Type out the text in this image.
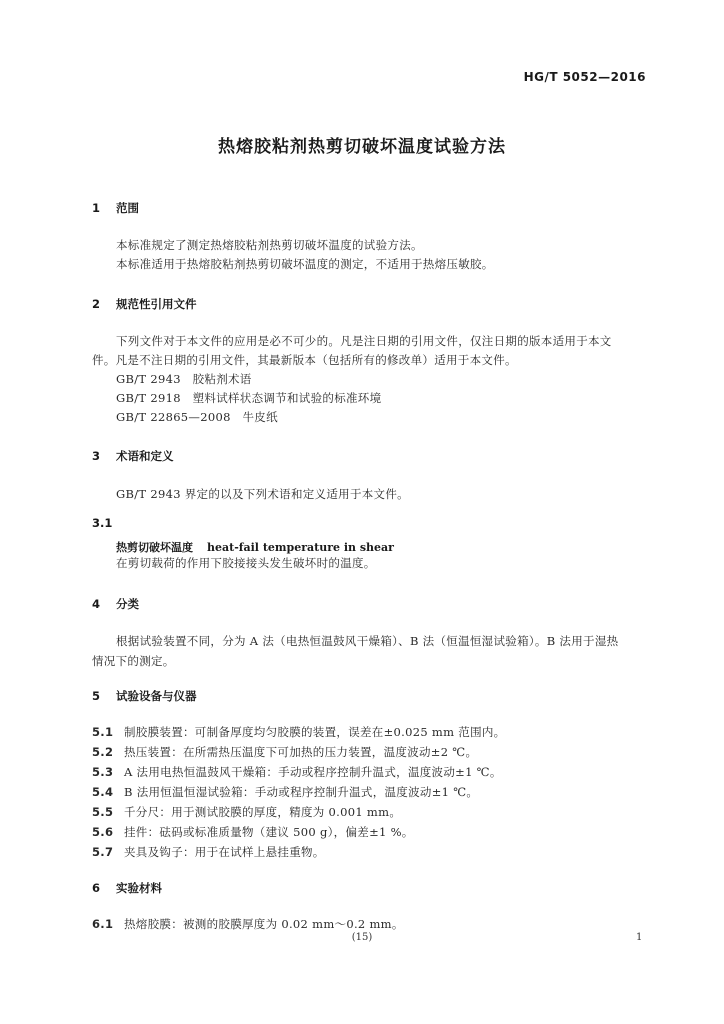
HG/T 5052—2016
热熔胶粘剂热剪切破坏温度试验方法
1 范围
本标准规定了测定热熔胶粘剂热剪切破坏温度的试验方法。
本标准适用于热熔胶粘剂热剪切破坏温度的测定，不适用于热熔压敏胶。
2 规范性引用文件
下列文件对于本文件的应用是必不可少的。凡是注日期的引用文件，仅注日期的版本适用于本文
件。凡是不注日期的引用文件，其最新版本（包括所有的修改单）适用于本文件。
GB/T 2943　胶粘剂术语
GB/T 2918　塑料试样状态调节和试验的标准环境
GB/T 22865—2008　牛皮纸
3 术语和定义
GB/T 2943 界定的以及下列术语和定义适用于本文件。
3.1
热剪切破坏温度 heat-fail temperature in shear
在剪切载荷的作用下胶接接头发生破坏时的温度。
4 分类
根据试验装置不同，分为 A 法（电热恒温鼓风干燥箱）、B 法（恒温恒湿试验箱）。B 法用于湿热
情况下的测定。
5 试验设备与仪器
5.1 制胶膜装置：可制备厚度均匀胶膜的装置，误差在±0.025 mm 范围内。
5.2 热压装置：在所需热压温度下可加热的压力装置，温度波动±2 ℃。
5.3 A 法用电热恒温鼓风干燥箱：手动或程序控制升温式，温度波动±1 ℃。
5.4 B 法用恒温恒湿试验箱：手动或程序控制升温式，温度波动±1 ℃。
5.5 千分尺：用于测试胶膜的厚度，精度为 0.001 mm。
5.6 挂件：砝码或标准质量物（建议 500 g），偏差±1 %。
5.7 夹具及钩子：用于在试样上悬挂重物。
6 实验材料
6.1 热熔胶膜：被测的胶膜厚度为 0.02 mm～0.2 mm。
(15)	1
